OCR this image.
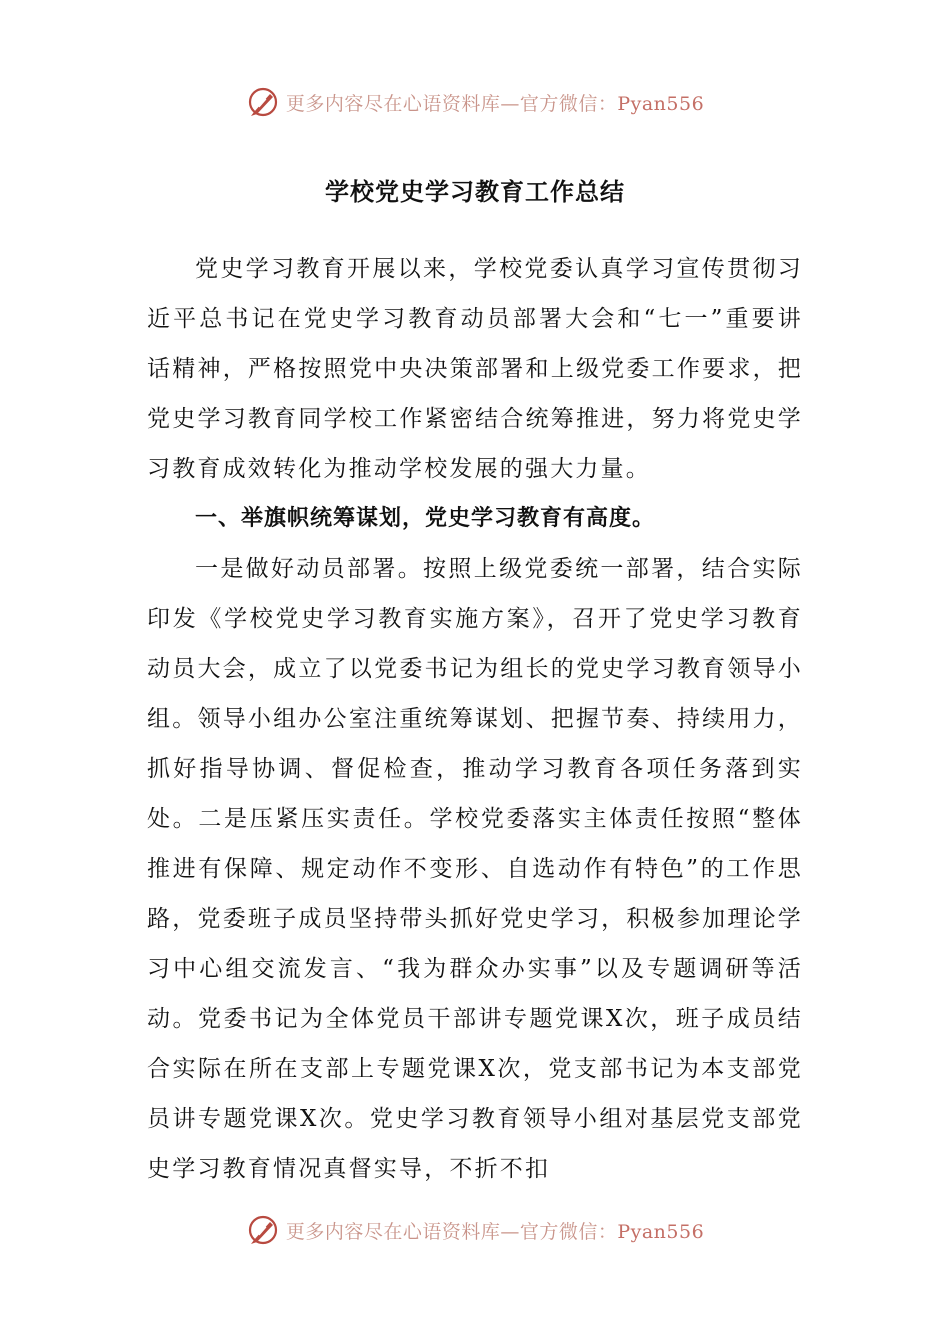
更多内容尽在心语资料库—官方微信：Pyan556
学校党史学习教育工作总结

党史学习教育开展以来，学校党委认真学习宣传贯彻习近平总书记在党史学习教育动员部署大会和“七一”重要讲话精神，严格按照党中央决策部署和上级党委工作要求，把党史学习教育同学校工作紧密结合统筹推进，努力将党史学习教育成效转化为推动学校发展的强大力量。

一、举旗帜统筹谋划，党史学习教育有高度。

一是做好动员部署。按照上级党委统一部署，结合实际印发《学校党史学习教育实施方案》，召开了党史学习教育动员大会，成立了以党委书记为组长的党史学习教育领导小组。领导小组办公室注重统筹谋划、把握节奏、持续用力，抓好指导协调、督促检查，推动学习教育各项任务落到实处。二是压紧压实责任。学校党委落实主体责任按照“整体推进有保障、规定动作不变形、自选动作有特色”的工作思路，党委班子成员坚持带头抓好党史学习，积极参加理论学习中心组交流发言、“我为群众办实事”以及专题调研等活动。党委书记为全体党员干部讲专题党课X次，班子成员结合实际在所在支部上专题党课X次，党支部书记为本支部党员讲专题党课X次。党史学习教育领导小组对基层党支部党史学习教育情况真督实导，不折不扣

更多内容尽在心语资料库—官方微信：Pyan556
